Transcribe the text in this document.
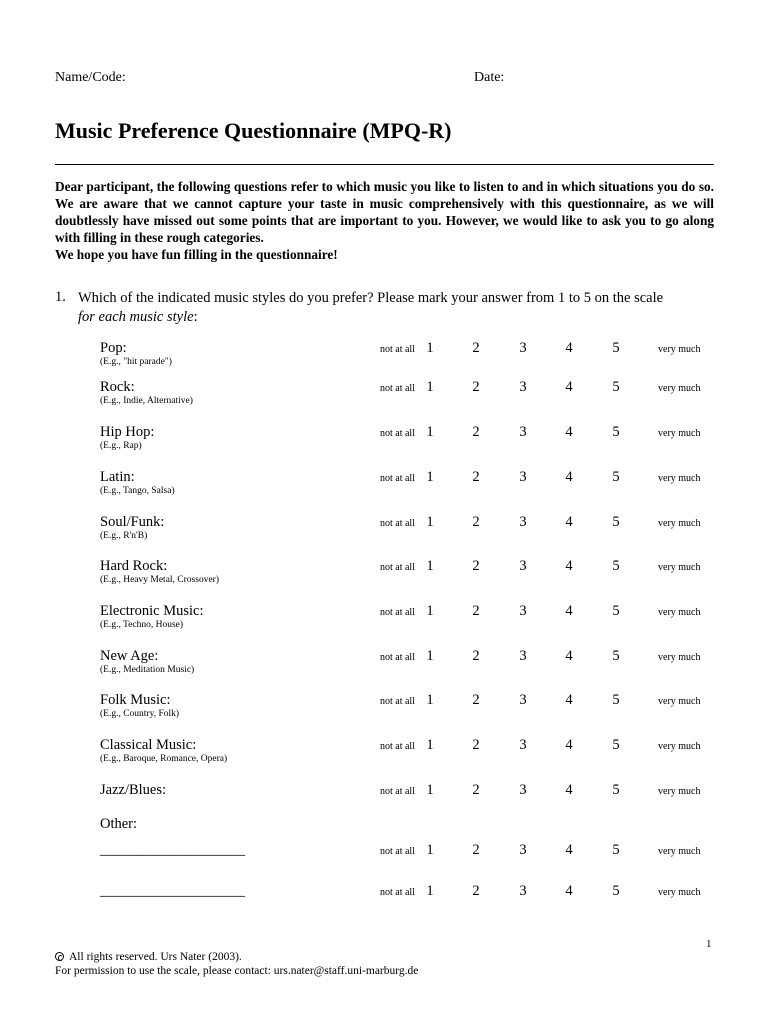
Name/Code:	Date:
Music Preference Questionnaire (MPQ-R)

Dear participant, the following questions refer to which music you like to listen to and in which situations you do so. We are aware that we cannot capture your taste in music comprehensively with this questionnaire, as we will doubtlessly have missed out some points that are important to you. However, we would like to ask you to go along with filling in these rough categories.

We hope you have fun filling in the questionnaire!

1. Which of the indicated music styles do you prefer? Please mark your answer from 1 to 5 on the scale
for each music style:
Pop:
(E.g., "hit parade")
not at all 1	2	3	4	5	very much
Rock:
(E.g., Indie, Alternative)
not at all 1	2	3	4	5	very much
Hip Hop:
(E.g., Rap)
not at all 1	2	3	4	5	very much
Latin:
(E.g., Tango, Salsa)
not at all 1	2	3	4	5	very much
Soul/Funk:
(E.g., R'n'B)
not at all 1	2	3	4	5	very much
Hard Rock:
(E.g., Heavy Metal, Crossover)
not at all 1	2	3	4	5	very much
Electronic Music:
(E.g., Techno, House)
not at all 1	2	3	4	5	very much
New Age:
(E.g., Meditation Music)
not at all 1	2	3	4	5	very much
Folk Music:
(E.g., Country, Folk)
not at all 1	2	3	4	5	very much
Classical Music:
(E.g., Baroque, Romance, Opera)
not at all 1	2	3	4	5	very much
Jazz/Blues:	not at all 1	2	3	4	5	very much
____________________	not at all 1	2	3	4	5	very much
____________________	not at all 1	2	3	4	5	very much
Other:
1
All rights reserved. Urs Nater (2003).
For permission to use the scale, please contact: urs.nater@staff.uni-marburg.de
